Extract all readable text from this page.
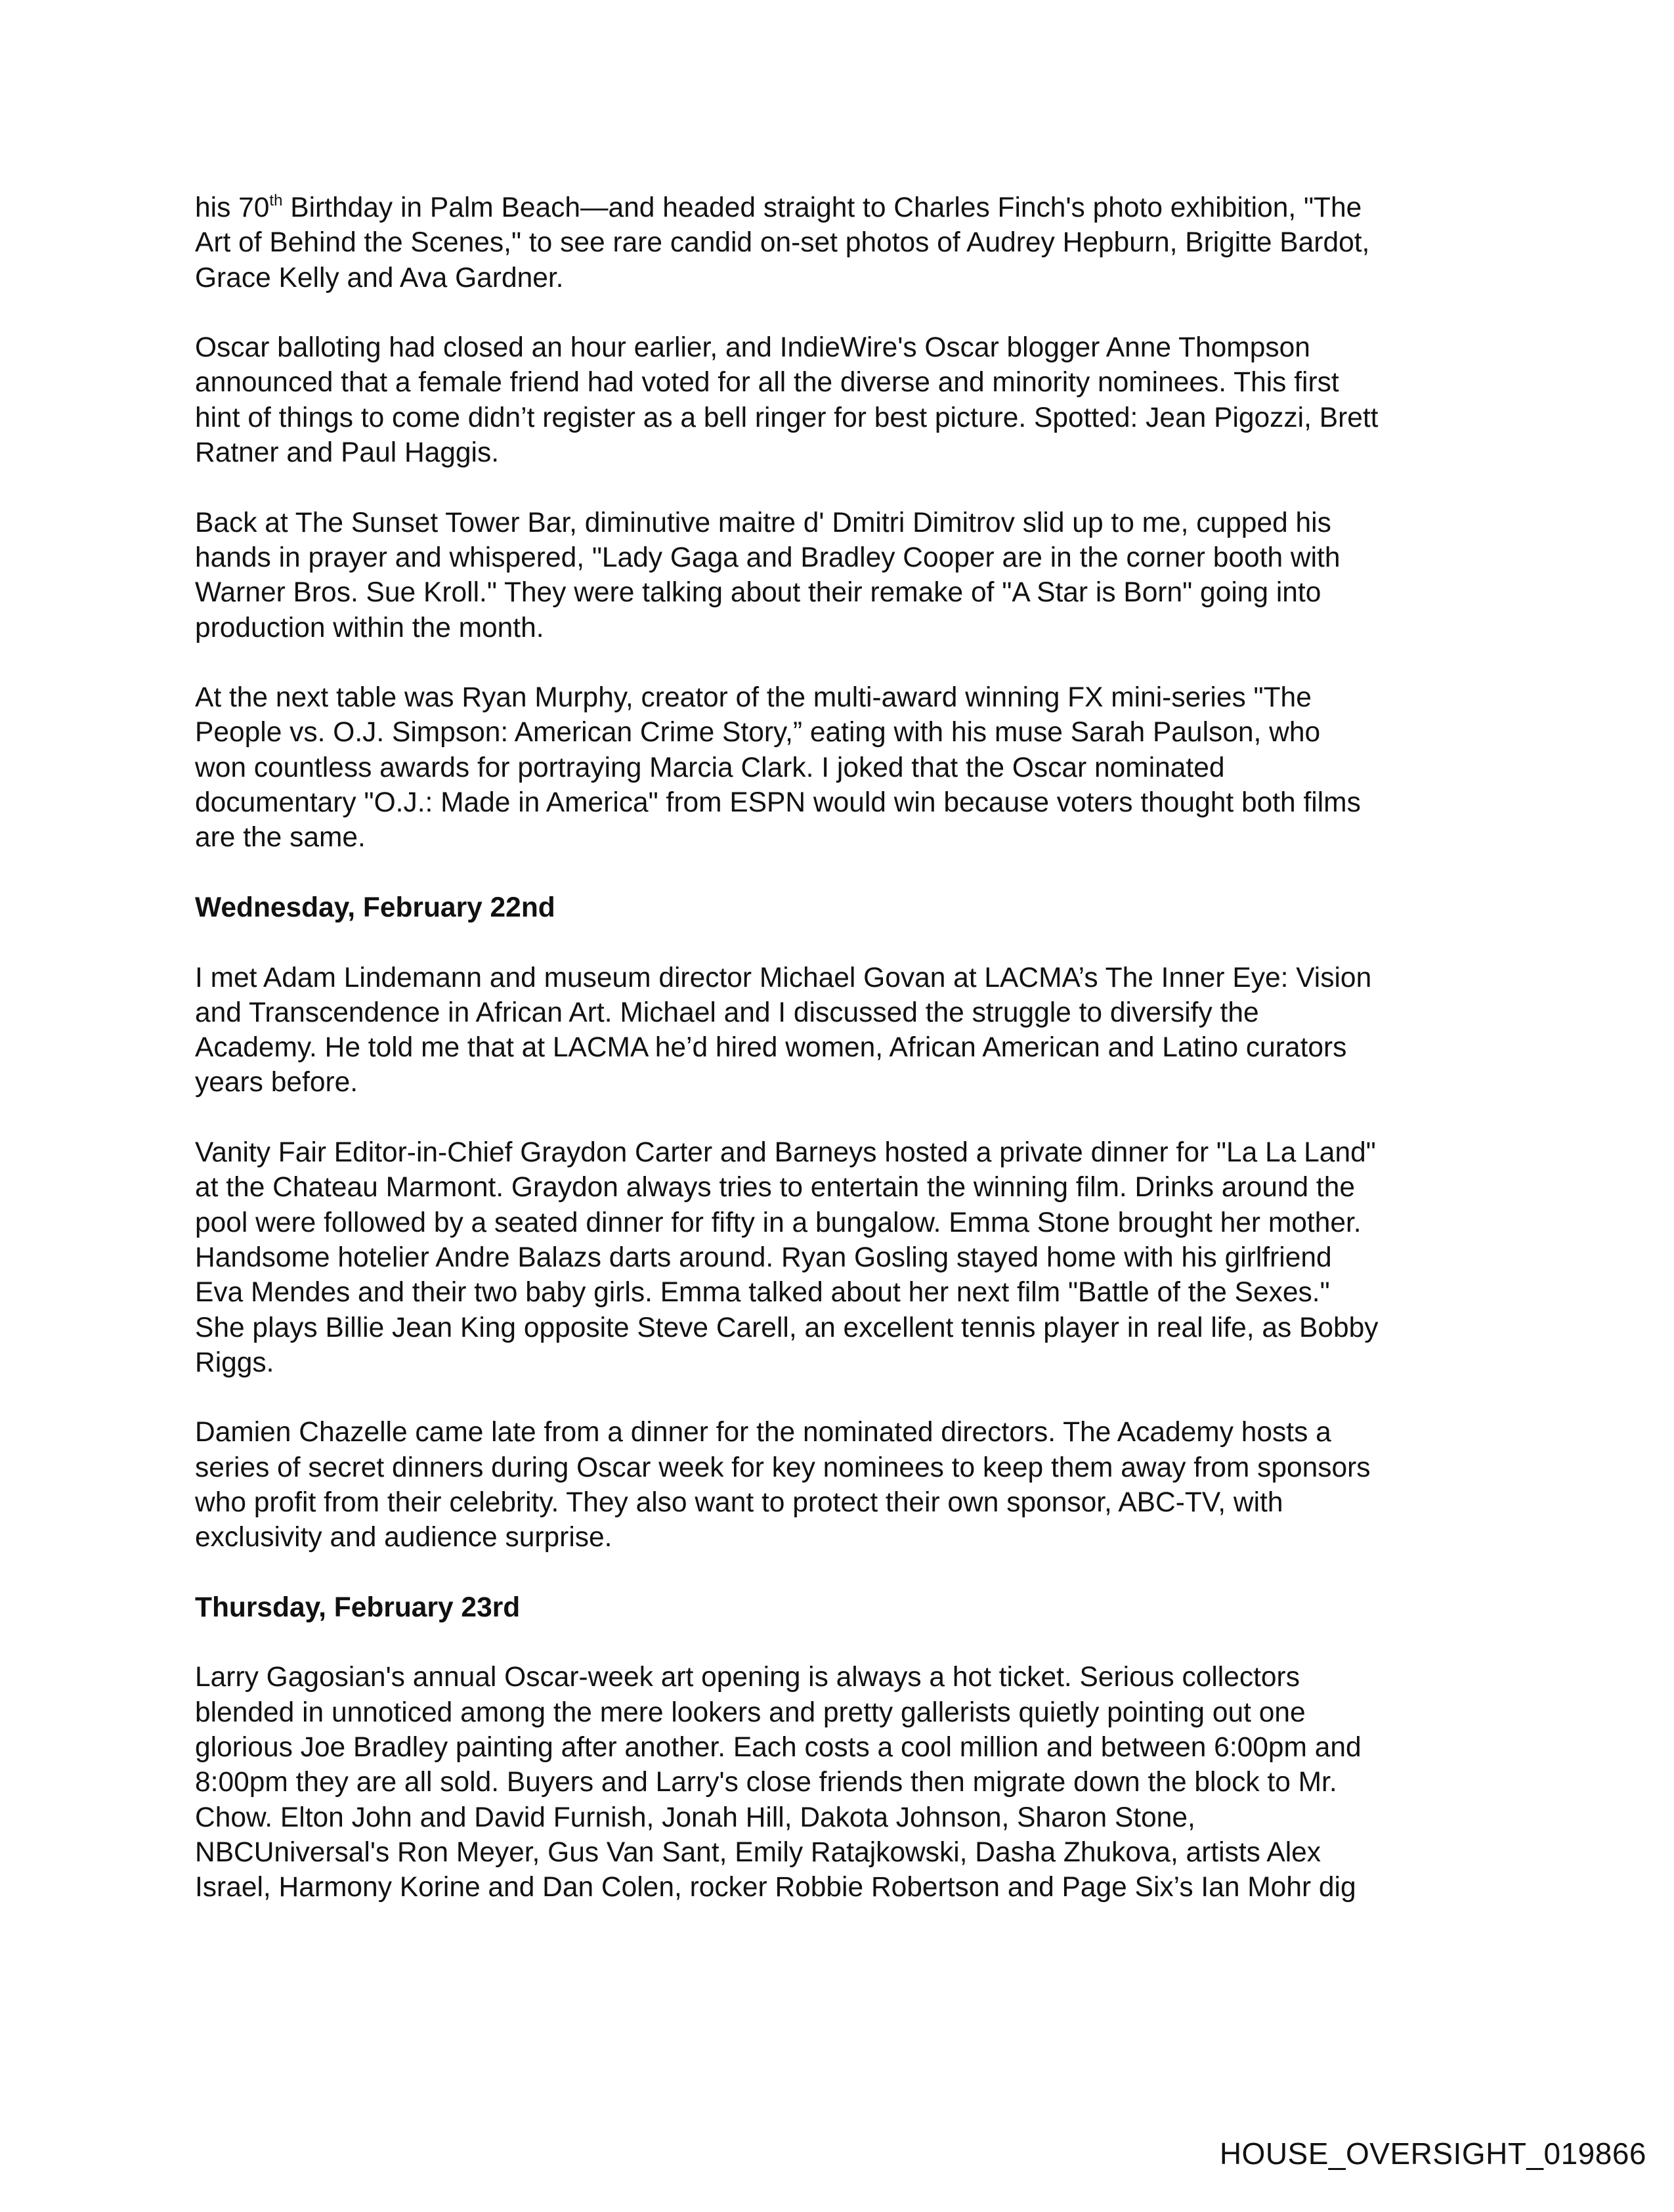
his 70th Birthday in Palm Beach—and headed straight to Charles Finch's photo exhibition, "The
Art of Behind the Scenes," to see rare candid on-set photos of Audrey Hepburn, Brigitte Bardot,
Grace Kelly and Ava Gardner.

Oscar balloting had closed an hour earlier, and IndieWire's Oscar blogger Anne Thompson
announced that a female friend had voted for all the diverse and minority nominees. This first
hint of things to come didn’t register as a bell ringer for best picture. Spotted: Jean Pigozzi, Brett
Ratner and Paul Haggis.

Back at The Sunset Tower Bar, diminutive maitre d' Dmitri Dimitrov slid up to me, cupped his
hands in prayer and whispered, "Lady Gaga and Bradley Cooper are in the corner booth with
Warner Bros. Sue Kroll." They were talking about their remake of "A Star is Born" going into
production within the month.

At the next table was Ryan Murphy, creator of the multi-award winning FX mini-series "The
People vs. O.J. Simpson: American Crime Story,” eating with his muse Sarah Paulson, who
won countless awards for portraying Marcia Clark. I joked that the Oscar nominated
documentary "O.J.: Made in America" from ESPN would win because voters thought both films
are the same.

Wednesday, February 22nd

I met Adam Lindemann and museum director Michael Govan at LACMA’s The Inner Eye: Vision
and Transcendence in African Art. Michael and I discussed the struggle to diversify the
Academy. He told me that at LACMA he’d hired women, African American and Latino curators
years before.

Vanity Fair Editor-in-Chief Graydon Carter and Barneys hosted a private dinner for "La La Land"
at the Chateau Marmont. Graydon always tries to entertain the winning film. Drinks around the
pool were followed by a seated dinner for fifty in a bungalow. Emma Stone brought her mother.
Handsome hotelier Andre Balazs darts around. Ryan Gosling stayed home with his girlfriend
Eva Mendes and their two baby girls. Emma talked about her next film "Battle of the Sexes."
She plays Billie Jean King opposite Steve Carell, an excellent tennis player in real life, as Bobby
Riggs.

Damien Chazelle came late from a dinner for the nominated directors. The Academy hosts a
series of secret dinners during Oscar week for key nominees to keep them away from sponsors
who profit from their celebrity. They also want to protect their own sponsor, ABC-TV, with
exclusivity and audience surprise.

Thursday, February 23rd

Larry Gagosian's annual Oscar-week art opening is always a hot ticket. Serious collectors
blended in unnoticed among the mere lookers and pretty gallerists quietly pointing out one
glorious Joe Bradley painting after another. Each costs a cool million and between 6:00pm and
8:00pm they are all sold. Buyers and Larry's close friends then migrate down the block to Mr.
Chow. Elton John and David Furnish, Jonah Hill, Dakota Johnson, Sharon Stone,
NBCUniversal's Ron Meyer, Gus Van Sant, Emily Ratajkowski, Dasha Zhukova, artists Alex
Israel, Harmony Korine and Dan Colen, rocker Robbie Robertson and Page Six’s Ian Mohr dig

HOUSE_OVERSIGHT_019866
